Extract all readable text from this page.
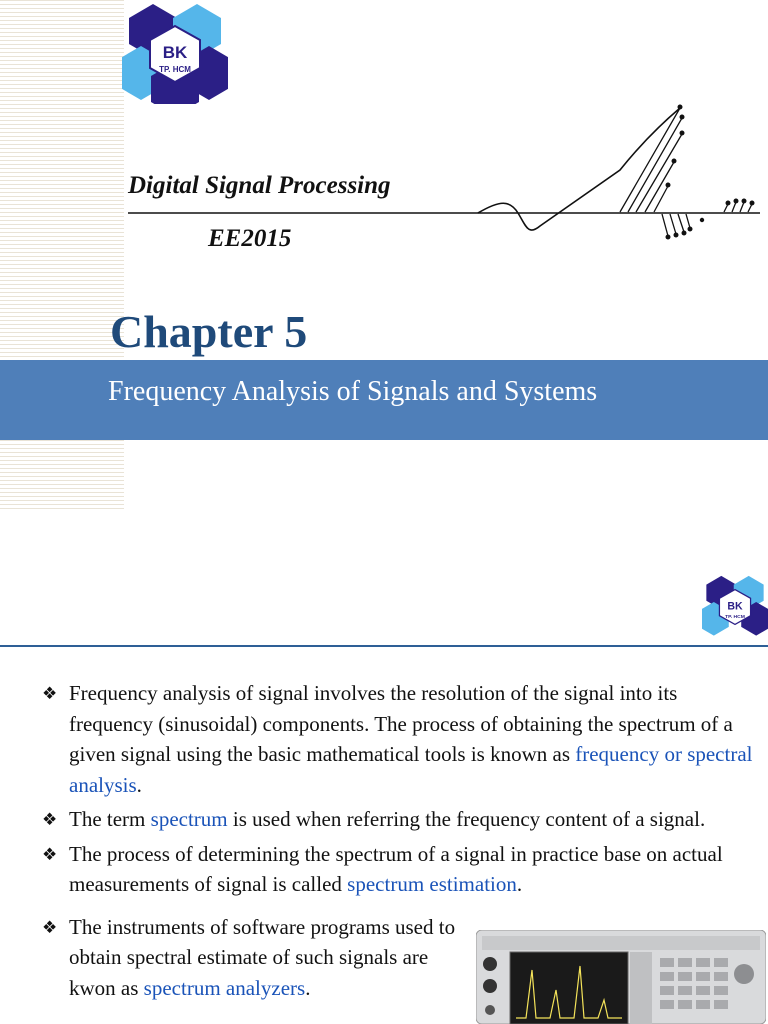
BK
TP. HCM
Digital Signal Processing
EE2015
Chapter 5
Frequency Analysis of Signals and Systems
BK
TP. HCM
❖ Frequency analysis of signal involves the resolution of the signal into its frequency (sinusoidal) components. The process of obtaining the spectrum of a given signal using the basic mathematical tools is known as frequency or spectral analysis.
❖ The term spectrum is used when referring the frequency content of a signal.
❖ The process of determining the spectrum of a signal in practice base on actual measurements of signal is called spectrum estimation.
❖ The instruments of software programs used to obtain spectral estimate of such signals are kwon as spectrum analyzers.
